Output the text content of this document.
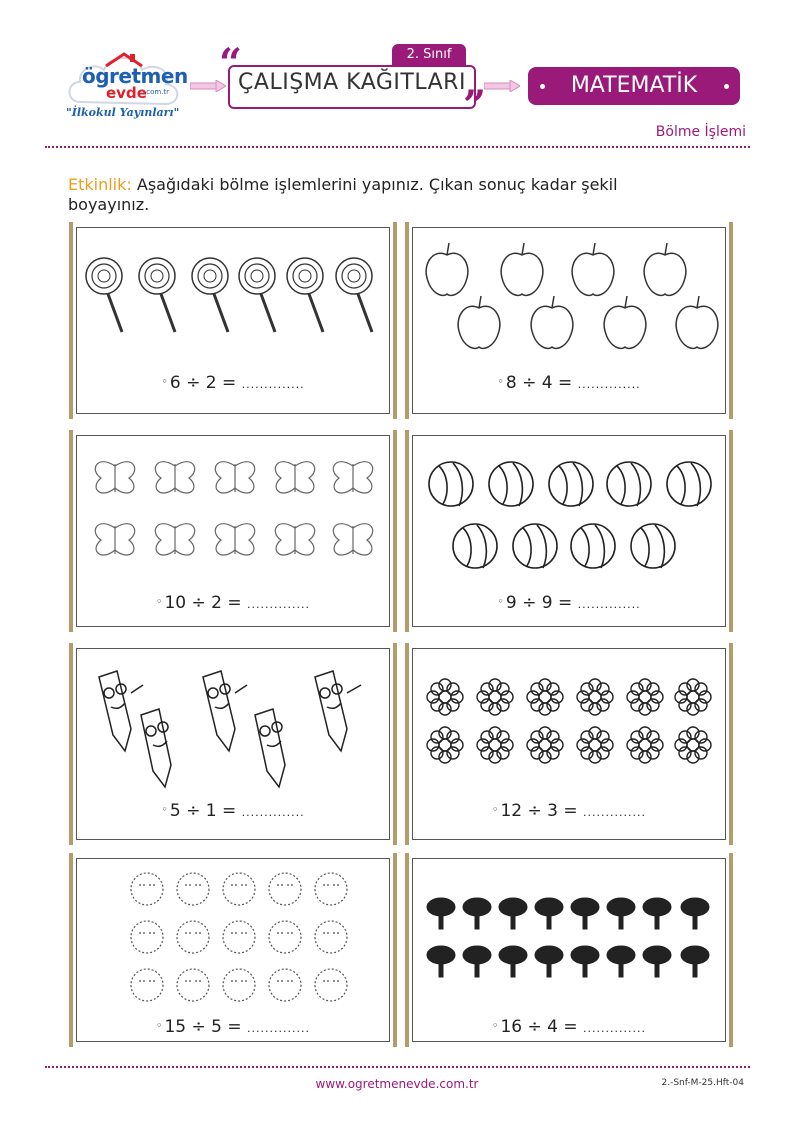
ögretmen
evde
.com.tr
"İlkokul Yayınları"
2. Sınıf
ÇALIŞMA KAĞITLARI
“
”	MATEMATİK
Bölme İşlemi
Etkinlik: Aşağıdaki bölme işlemlerini yapınız. Çıkan sonuç kadar şekil boyayınız.
◦ 6 ÷ 2 = ..............	◦ 8 ÷ 4 = ..............
◦ 10 ÷ 2 = ..............	◦ 9 ÷ 9 = ..............
◦ 5 ÷ 1 = ..............	◦ 12 ÷ 3 = ..............
◦ 15 ÷ 5 = ..............	◦ 16 ÷ 4 = ..............
www.ogretmenevde.com.tr	2.-Snf-M-25.Hft-04
